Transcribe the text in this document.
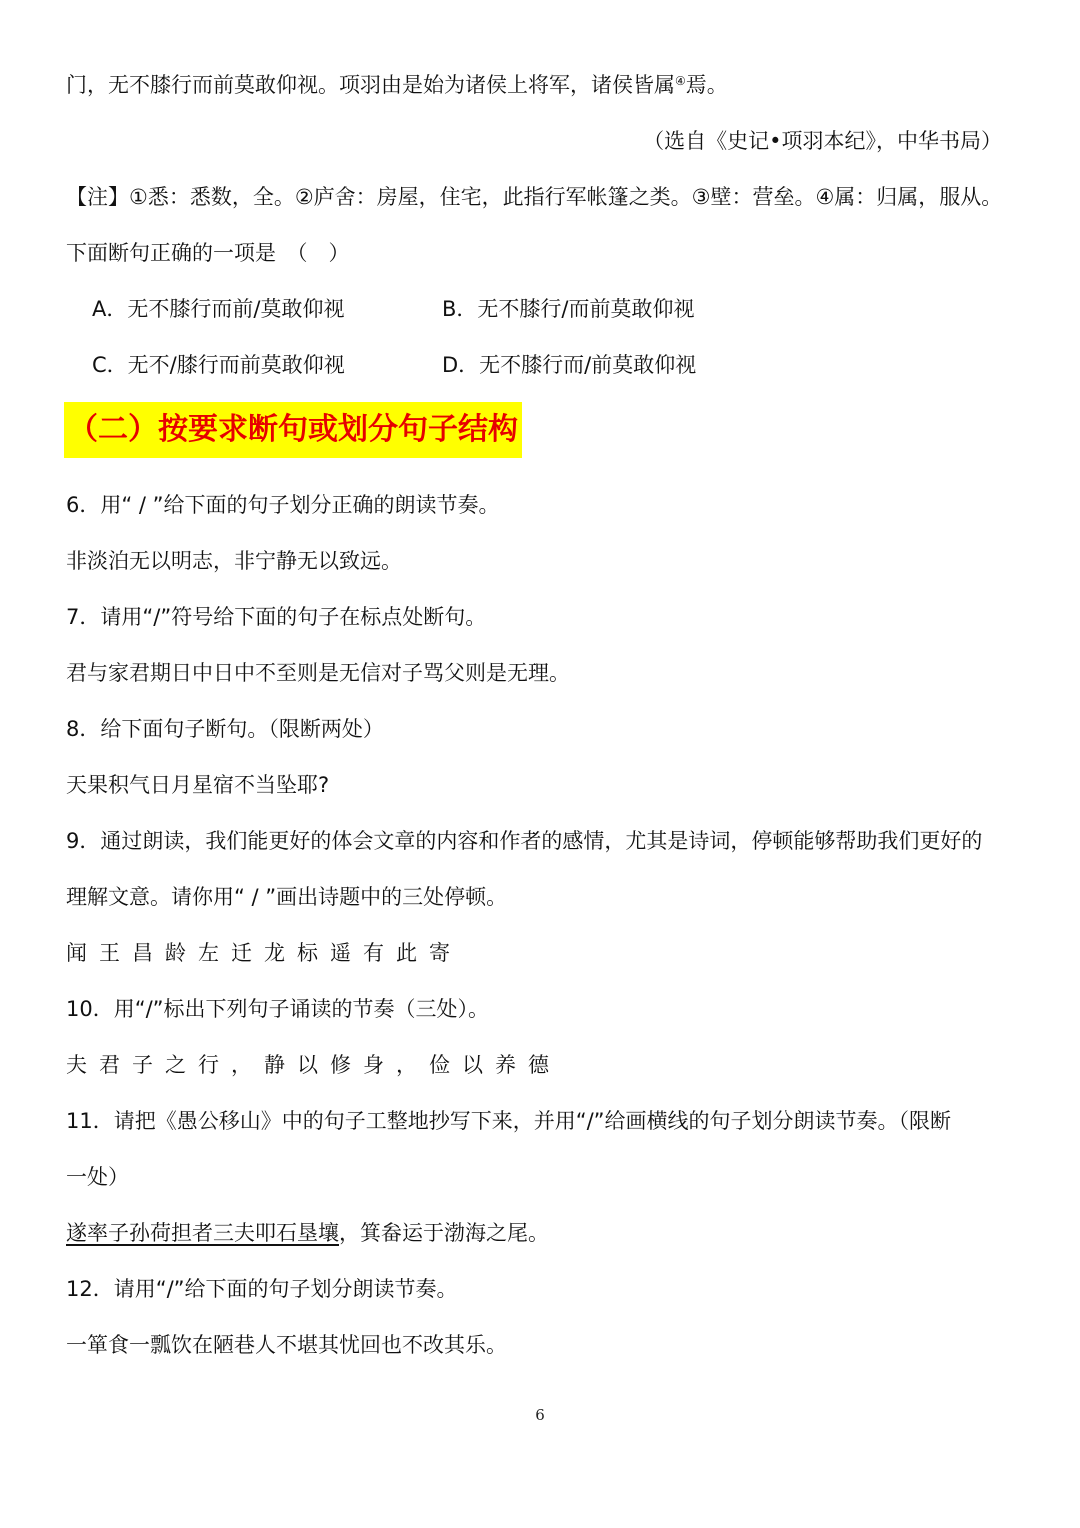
门，无不膝行而前莫敢仰视。项羽由是始为诸侯上将军，诸侯皆属④焉。
（选自《史记•项羽本纪》，中华书局）
【注】①悉：悉数，全。②庐舍：房屋，住宅，此指行军帐篷之类。③壁：营垒。④属：归属，服从。
下面断句正确的一项是　（　）
A．无不膝行而前/莫敢仰视	B．无不膝行/而前莫敢仰视
C．无不/膝行而前莫敢仰视	D．无不膝行而/前莫敢仰视
（二）按要求断句或划分句子结构
6．用“ / ”给下面的句子划分正确的朗读节奏。
非淡泊无以明志，非宁静无以致远。
7．请用“/”符号给下面的句子在标点处断句。
君与家君期日中日中不至则是无信对子骂父则是无理。
8．给下面句子断句。（限断两处）
天果积气日月星宿不当坠耶?
9．通过朗读，我们能更好的体会文章的内容和作者的感情，尤其是诗词，停顿能够帮助我们更好的
理解文意。请你用“ / ”画出诗题中的三处停顿。
闻王昌龄左迁龙标遥有此寄
10．用“/”标出下列句子诵读的节奏（三处）。
夫君子之行，静以修身，俭以养德
11．请把《愚公移山》中的句子工整地抄写下来，并用“/”给画横线的句子划分朗读节奏。（限断
一处）
遂率子孙荷担者三夫叩石垦壤，箕畚运于渤海之尾。
12．请用“/”给下面的句子划分朗读节奏。
一箪食一瓢饮在陋巷人不堪其忧回也不改其乐。
6
